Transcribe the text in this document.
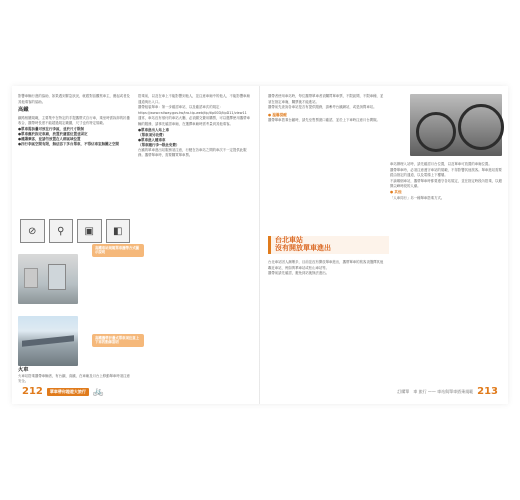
影響車輛行進的協助，如果遇到緊急狀況，就跟對話觀察車主，擾起或者及其他乘客的協助。

高鐵

鐵路相關規範，主要集中在特定的手提攜帶式自行車，乘坐時需拆卸的折疊收合，攜帶時長度不能超過規定範圍，尺寸也有特定規範。

●單車需拆疊可放在行李區，並於尺寸限制
●單車應於指定車廂，放置於適當位置並固定
●禮讓乘客，並請勿放置在人群區域位置
●四行李區空間有限，無法容下多台單車，不得佔車室無關之空間
⊘	⚲	▣	◧
高鐵車站規範單車攜帶方式圖示說明
高鐵攜帶折疊式單車須注意上下車的動線說明
火車

火車站搭乘攜帶車輛者，有台鐵、高鐵，在車廂及月台上移動單車時須注意安全。

搭乘前，以及在車上不能影響到他人，並注意車廂中的他人，不能影響車廂通道與出入口。

攜帶組裝單車：第一步確認車站，以及確認車次的規定：

https://www.railway.gov.tw/tra-tip-web/tip/tip00D/tipD11/view11

通常，車站沒有預付的車站大廳，必須繳交費用購票，可以選擇使用攜帶車輛的服務，請事先確認車廂，在選擇車廂時需考量到其他乘客。

●單車進出入站上車
（單車須另收費）
●單車進入隨車車
（單車隨行李→限此免費）

台鐵的單車進出站服務須注意，行駛在各車站之間的車次不一定提供此服務。攜帶單車時，需要購買單車票。

212	單車帶你趣遊大旅行 🚲

攜帶者使用車站時，每位攜帶單車者須購買單車票，不限區間，不限車種，並須在指定車廂，購票後才能進站。

攜帶前先查詢各車站是否有提供服務，請參考台鐵網站，或是詢問車站。

● 溫馨提醒

攜帶單車搭乘台鐵時，請先至售票窗口確認，並於上下車時注意月台間隙。

台北車站
沒有開放單車進出

台北車站因人潮眾多，目前並沒有開放單車進出，攜帶單車的旅客須選擇其他鄰近車站，例如萬華車站或松山車站等。

攜帶前請先確認，避免到站後無法進出。

車站辦理入站時，請先確認月台位置，以及單車可放置的車廂位置。

攜帶單車時，必須注意遵守車站的規範，不得影響其他旅客。單車進站需要經由指定的通道，以及電梯上下樓層。

不論哪個車站，攜帶單車時都要遵守各站規定，並在指定時段內搭乘，以避開尖峰時段的人潮。

● 其他

「人車同行」另一種單車搭乘方式。

訂購單　車 旅行 —— 車站與單車搭乘規範 213
